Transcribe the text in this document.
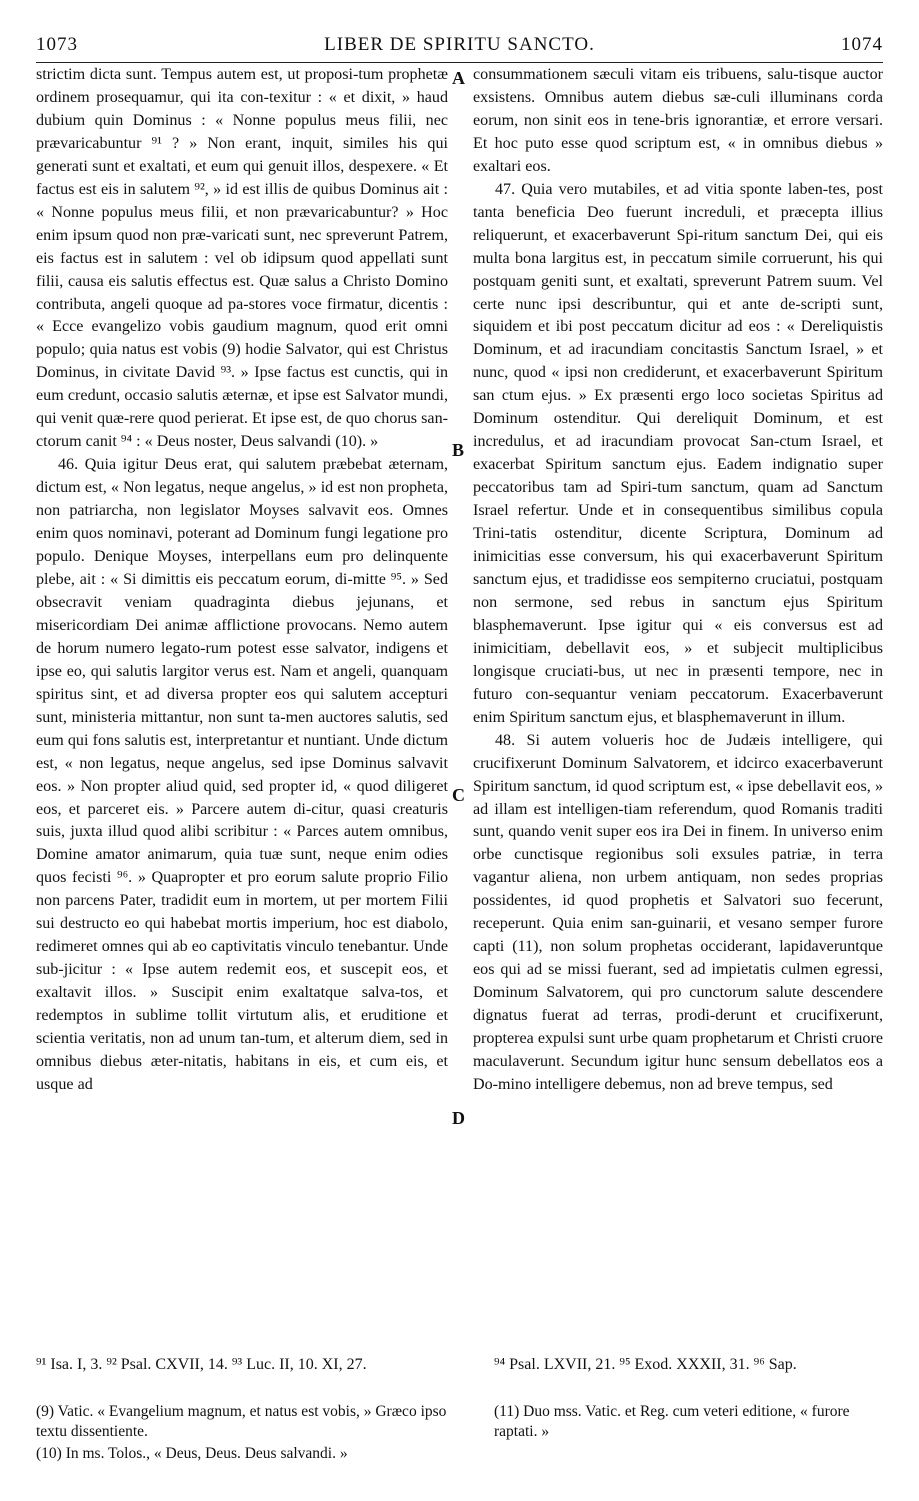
LIBER DE SPIRITU SANCTO.
1073	1074

strictim dicta sunt. Tempus autem est, ut proposi-tum prophetæ ordinem prosequamur, qui ita con-texitur : « et dixit, » haud dubium quin Dominus : « Nonne populus meus filii, nec prævaricabuntur ⁹¹ ? » Non erant, inquit, similes his qui generati sunt et exaltati, et eum qui genuit illos, despexere. « Et factus est eis in salutem ⁹², » id est illis de quibus Dominus ait : « Nonne populus meus filii, et non prævaricabuntur? » Hoc enim ipsum quod non præ-varicati sunt, nec spreverunt Patrem, eis factus est in salutem : vel ob idipsum quod appellati sunt filii, causa eis salutis effectus est. Quæ salus a Christo Domino contributa, angeli quoque ad pa-stores voce firmatur, dicentis : « Ecce evangelizo vobis gaudium magnum, quod erit omni populo; quia natus est vobis (9) hodie Salvator, qui est Christus Dominus, in civitate David ⁹³. » Ipse factus est cunctis, qui in eum credunt, occasio salutis æternæ, et ipse est Salvator mundi, qui venit quæ-rere quod perierat. Et ipse est, de quo chorus san-ctorum canit ⁹⁴ : « Deus noster, Deus salvandi (10). »

46. Quia igitur Deus erat, qui salutem præbebat æternam, dictum est, « Non legatus, neque angelus, » id est non propheta, non patriarcha, non legislator Moyses salvavit eos. Omnes enim quos nominavi, poterant ad Dominum fungi legatione pro populo. Denique Moyses, interpellans eum pro delinquente plebe, ait : « Si dimittis eis peccatum eorum, di-mitte ⁹⁵. » Sed obsecravit veniam quadraginta diebus jejunans, et misericordiam Dei animæ afflictione provocans. Nemo autem de horum numero legato-rum potest esse salvator, indigens et ipse eo, qui salutis largitor verus est. Nam et angeli, quanquam spiritus sint, et ad diversa propter eos qui salutem accepturi sunt, ministeria mittantur, non sunt ta-men auctores salutis, sed eum qui fons salutis est, interpretantur et nuntiant. Unde dictum est, « non legatus, neque angelus, sed ipse Dominus salvavit eos. » Non propter aliud quid, sed propter id, « quod diligeret eos, et parceret eis. » Parcere autem di-citur, quasi creaturis suis, juxta illud quod alibi scribitur : « Parces autem omnibus, Domine amator animarum, quia tuæ sunt, neque enim odies quos fecisti ⁹⁶. » Quapropter et pro eorum salute proprio Filio non parcens Pater, tradidit eum in mortem, ut per mortem Filii sui destructo eo qui habebat mortis imperium, hoc est diabolo, redimeret omnes qui ab eo captivitatis vinculo tenebantur. Unde sub-jicitur : « Ipse autem redemit eos, et suscepit eos, et exaltavit illos. » Suscipit enim exaltatque salva-tos, et redemptos in sublime tollit virtutum alis, et eruditione et scientia veritatis, non ad unum tan-tum, et alterum diem, sed in omnibus diebus æter-nitatis, habitans in eis, et cum eis, et usque ad

consummationem sæculi vitam eis tribuens, salu-tisque auctor exsistens. Omnibus autem diebus sæ-culi illuminans corda eorum, non sinit eos in tene-bris ignorantiæ, et errore versari. Et hoc puto esse quod scriptum est, « in omnibus diebus » exaltari eos.

47. Quia vero mutabiles, et ad vitia sponte laben-tes, post tanta beneficia Deo fuerunt increduli, et præcepta illius reliquerunt, et exacerbaverunt Spi-ritum sanctum Dei, qui eis multa bona largitus est, in peccatum simile corruerunt, his qui postquam geniti sunt, et exaltati, spreverunt Patrem suum. Vel certe nunc ipsi describuntur, qui et ante de-scripti sunt, siquidem et ibi post peccatum dicitur ad eos : « Dereliquistis Dominum, et ad iracundiam concitastis Sanctum Israel, » et nunc, quod « ipsi non crediderunt, et exacerbaverunt Spiritum san ctum ejus. » Ex præsenti ergo loco societas Spiritus ad Dominum ostenditur. Qui dereliquit Dominum, et est incredulus, et ad iracundiam provocat San-ctum Israel, et exacerbat Spiritum sanctum ejus. Eadem indignatio super peccatoribus tam ad Spiri-tum sanctum, quam ad Sanctum Israel refertur. Unde et in consequentibus similibus copula Trini-tatis ostenditur, dicente Scriptura, Dominum ad inimicitias esse conversum, his qui exacerbaverunt Spiritum sanctum ejus, et tradidisse eos sempiterno cruciatui, postquam non sermone, sed rebus in sanctum ejus Spiritum blasphemaverunt. Ipse igitur qui « eis conversus est ad inimicitiam, debellavit eos, » et subjecit multiplicibus longisque cruciati-bus, ut nec in præsenti tempore, nec in futuro con-sequantur veniam peccatorum. Exacerbaverunt enim Spiritum sanctum ejus, et blasphemaverunt in illum.

48. Si autem volueris hoc de Judæis intelligere, qui crucifixerunt Dominum Salvatorem, et idcirco exacerbaverunt Spiritum sanctum, id quod scriptum est, « ipse debellavit eos, » ad illam est intelligen-tiam referendum, quod Romanis traditi sunt, quando venit super eos ira Dei in finem. In universo enim orbe cunctisque regionibus soli exsules patriæ, in terra vagantur aliena, non urbem antiquam, non sedes proprias possidentes, id quod prophetis et Salvatori suo fecerunt, receperunt. Quia enim san-guinarii, et vesano semper furore capti (11), non solum prophetas occiderant, lapidaveruntque eos qui ad se missi fuerant, sed ad impietatis culmen egressi, Dominum Salvatorem, qui pro cunctorum salute descendere dignatus fuerat ad terras, prodi-derunt et crucifixerunt, propterea expulsi sunt urbe quam prophetarum et Christi cruore maculaverunt. Secundum igitur hunc sensum debellatos eos a Do-mino intelligere debemus, non ad breve tempus, sed

A
B
C
D
⁹¹ Isa. I, 3. ⁹² Psal. CXVII, 14. ⁹³ Luc. II, 10. XI, 27.	⁹⁴ Psal. LXVII, 21. ⁹⁵ Exod. XXXII, 31. ⁹⁶ Sap.

(9) Vatic. « Evangelium magnum, et natus est vobis, » Græco ipso textu dissentiente.

(10) In ms. Tolos., « Deus, Deus. Deus salvandi. »

(11) Duo mss. Vatic. et Reg. cum veteri editione, « furore raptati. »
